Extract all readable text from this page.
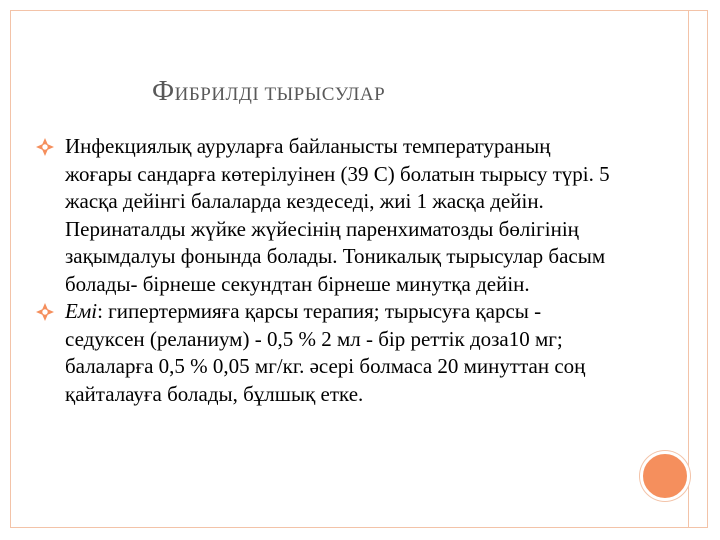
ФИБРИЛДІ ТЫРЫСУЛАР
Инфекциялық ауруларға байланысты температураның жоғары сандарға көтерілуінен (39 С) болатын тырысу түрі. 5 жасқа дейінгі балаларда кездеседі, жиі 1 жасқа дейін. Перинаталды жүйке жүйесінің паренхиматозды бөлігінің зақымдалуы фонында болады. Тоникалық тырысулар басым болады- бірнеше секундтан бірнеше минутқа дейін.
Емі: гипертермияға қарсы терапия; тырысуға қарсы - седуксен (реланиум) - 0,5 % 2 мл - бір реттік доза10 мг; балаларға 0,5 % 0,05 мг/кг. әсері болмаса 20 минуттан соң қайталауға болады, бұлшық етке.
